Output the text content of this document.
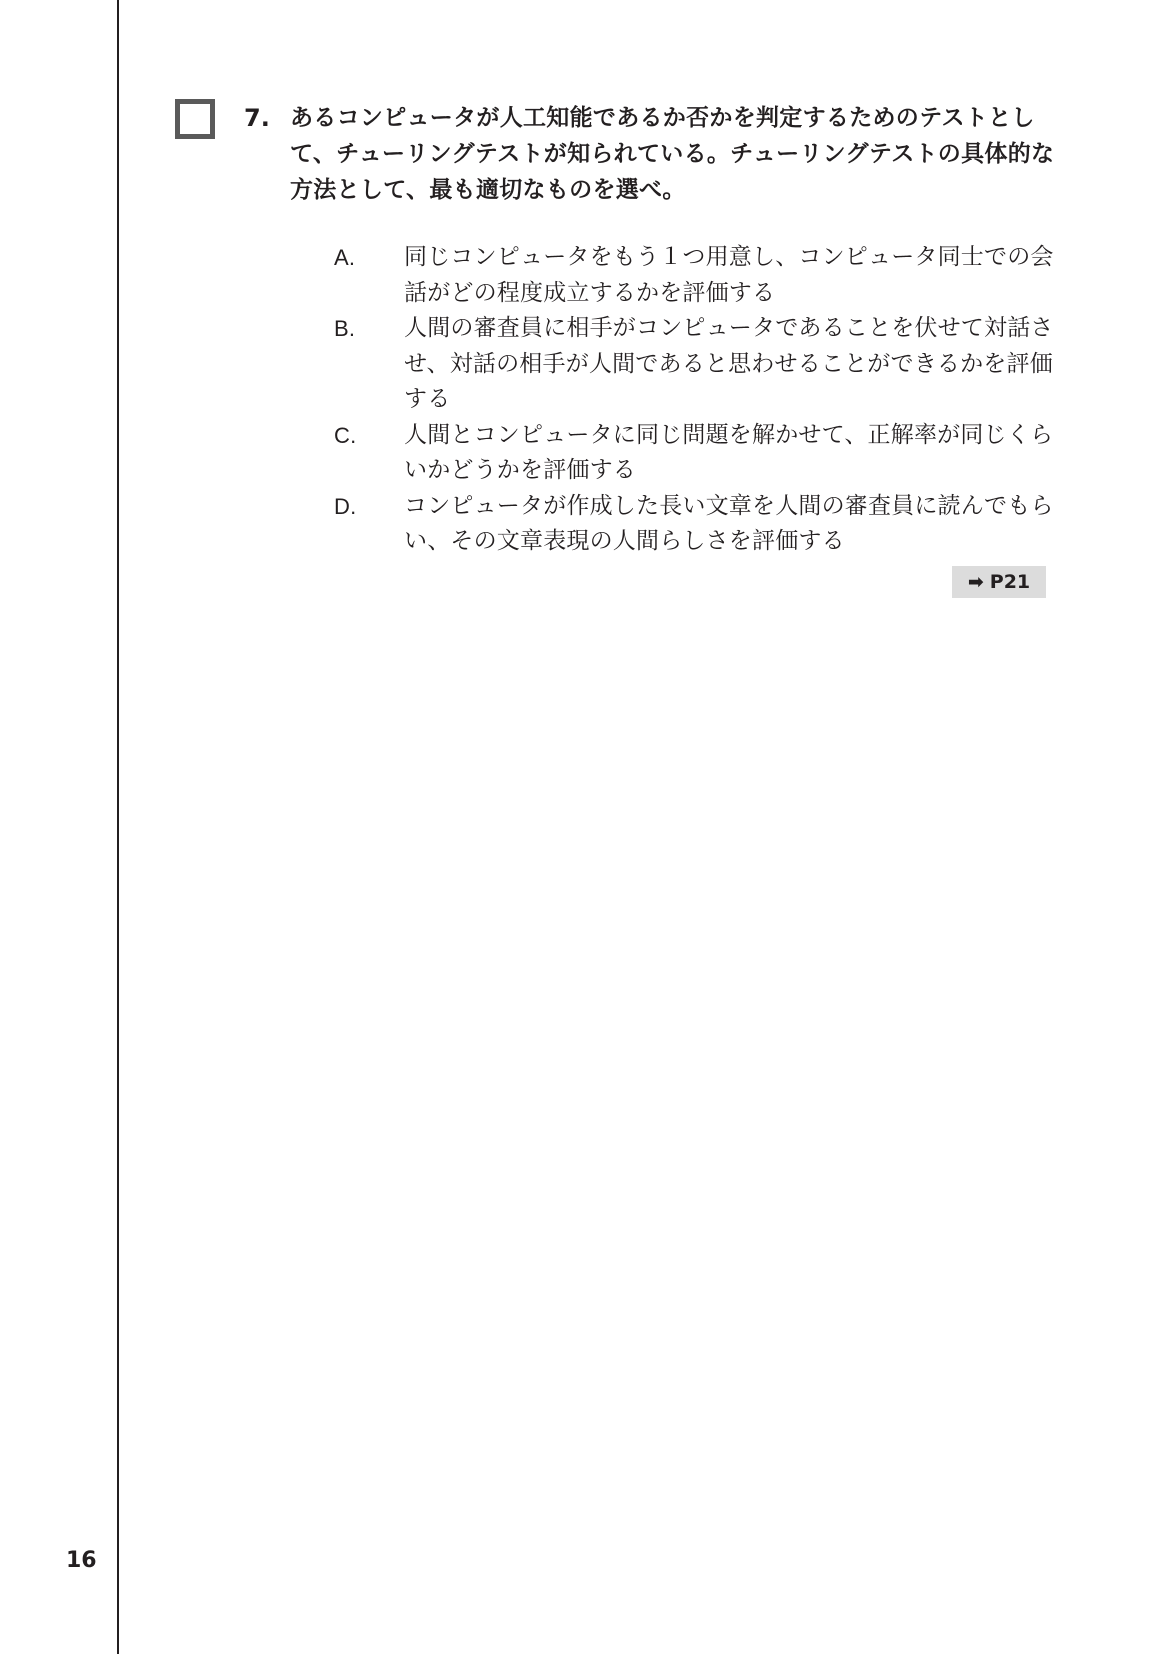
7. あるコンピュータが人工知能であるか否かを判定するためのテストとして、チューリングテストが知られている。チューリングテストの具体的な方法として、最も適切なものを選べ。
A.	同じコンピュータをもう１つ用意し、コンピュータ同士での会話がどの程度成立するかを評価する
B.	人間の審査員に相手がコンピュータであることを伏せて対話させ、対話の相手が人間であると思わせることができるかを評価する
C.	人間とコンピュータに同じ問題を解かせて、正解率が同じくらいかどうかを評価する
D.	コンピュータが作成した長い文章を人間の審査員に読んでもらい、その文章表現の人間らしさを評価する
➡ P21
16
